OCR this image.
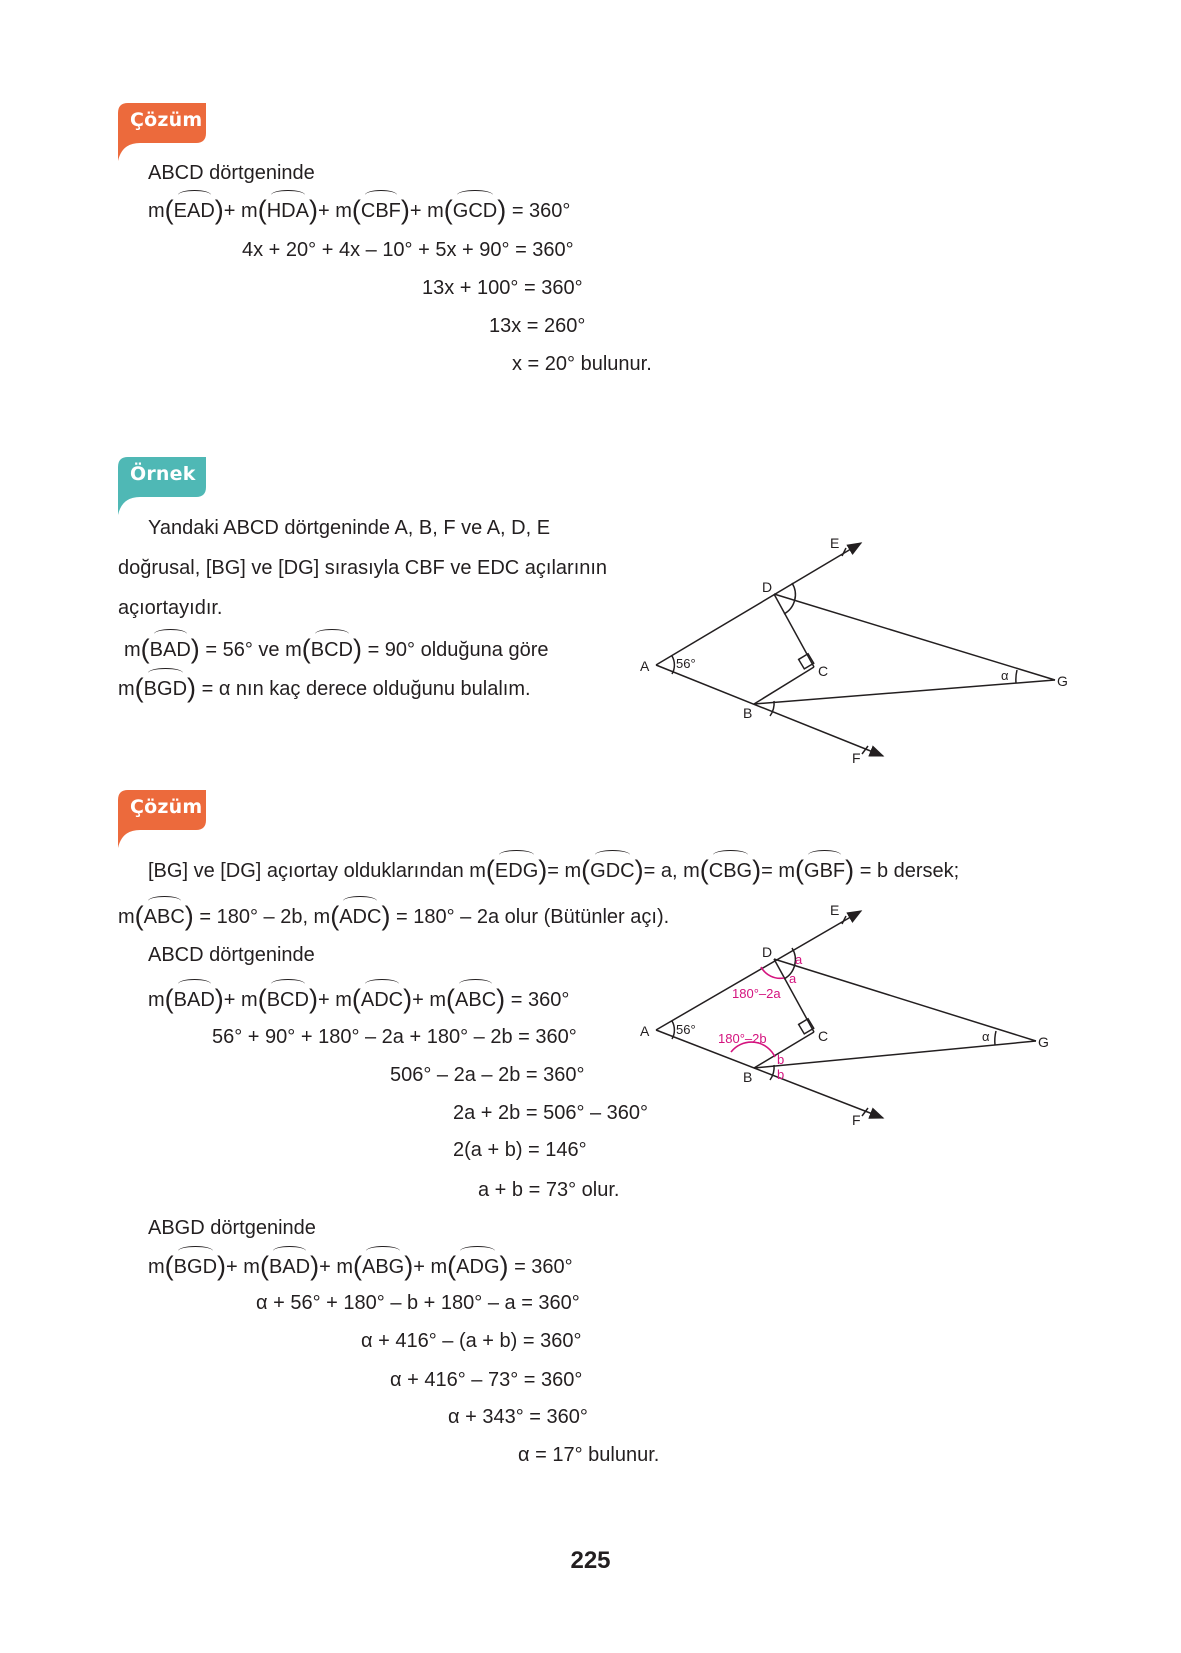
Çözüm
ABCD dörtgeninde
m(EAD)+ m(HDA)+ m(CBF)+ m(GCD) = 360°
4x + 20° + 4x – 10° + 5x + 90° = 360°
13x + 100° = 360°
13x = 260°
x = 20° bulunur.
Örnek
Yandaki ABCD dörtgeninde A, B, F ve A, D, E
doğrusal, [BG] ve [DG] sırasıyla CBF ve EDC açılarının
açıortayıdır.
m(BAD) = 56° ve m(BCD) = 90° olduğuna göre
m(BGD) = α nın kaç derece olduğunu bulalım.
A 56°
D
C
B
G
α
E
F
Çözüm
[BG] ve [DG] açıortay olduklarından m(EDG)= m(GDC)= a, m(CBG)= m(GBF) = b dersek;
m(ABC) = 180° – 2b, m(ADC) = 180° – 2a olur (Bütünler açı).
ABCD dörtgeninde
m(BAD)+ m(BCD)+ m(ADC)+ m(ABC) = 360°
56° + 90° + 180° – 2a + 180° – 2b = 360°
506° – 2a – 2b = 360°
2a + 2b = 506° – 360°
2(a + b) = 146°
a + b = 73° olur.
ABGD dörtgeninde
m(BGD)+ m(BAD)+ m(ABG)+ m(ADG) = 360°
α + 56° + 180° – b + 180° – a = 360°
α + 416° – (a + b) = 360°
α + 416° – 73° = 360°
α + 343° = 360°
α = 17° bulunur.
A 56°
D
C
B
G
α
E
F
a
a
180°–2a
180°–2b
b
b
225
